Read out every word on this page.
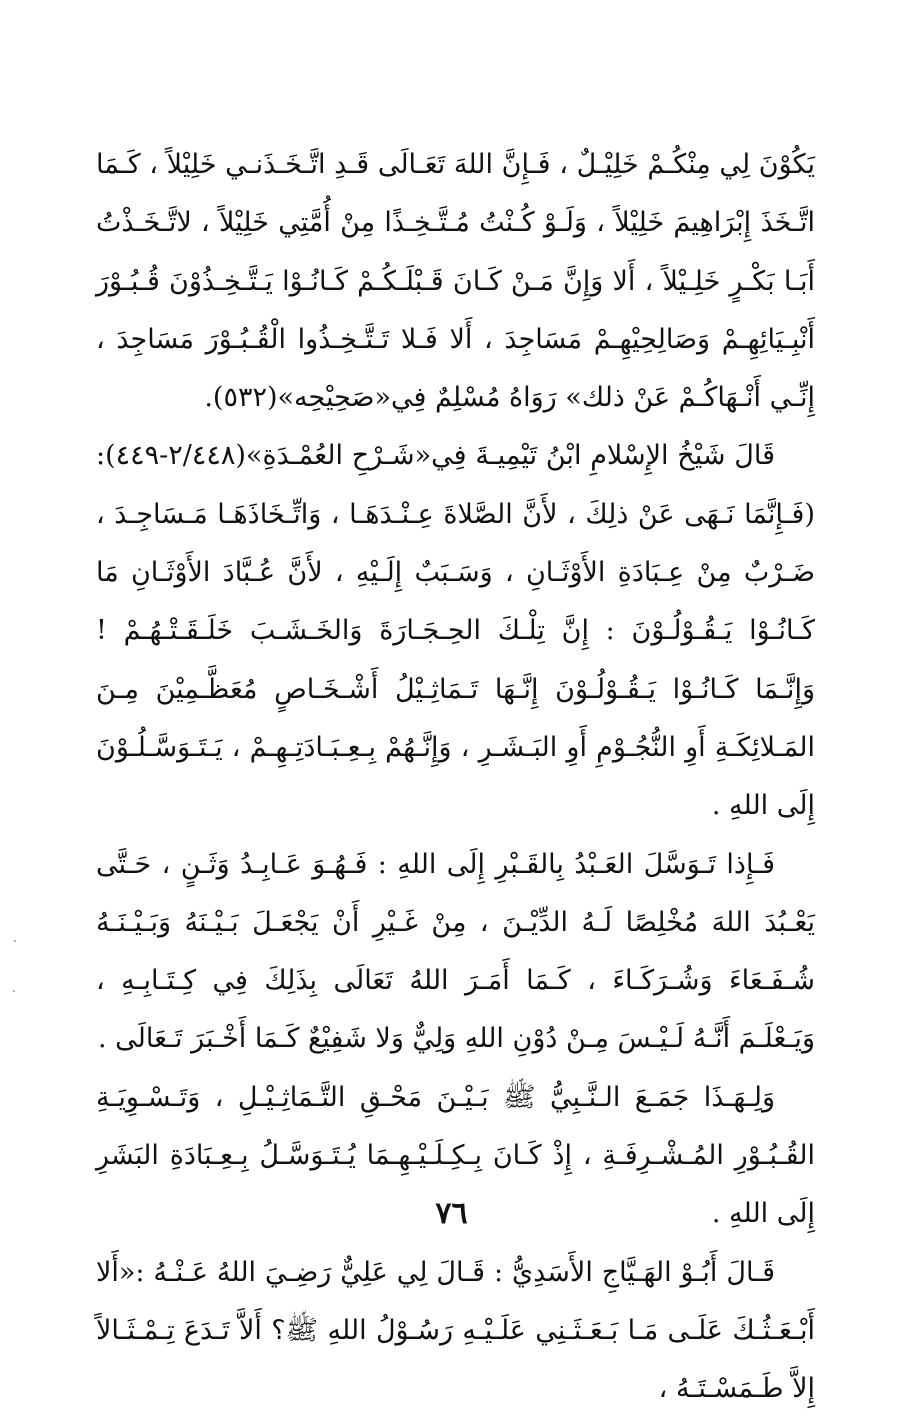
يَكُوْنَ لِي مِنْكُـمْ خَلِيْـلٌ ، فَـإِنَّ اللهَ تَعَـالَى قَـدِ اتَّـخَـذَنـي خَلِيْلاً ، كَـمَا اتَّـخَذَ إِبْرَاهِيمَ خَلِيْلاً ، وَلَـوْ كُـنْتُ مُـتَّـخِـذًا مِنْ أُمَّتِي خَلِيْلاً ، لاتَّـخَـذْتُ أَبَـا بَكْـرٍ خَلِـيْلاً ، أَلا وَإِنَّ مَـنْ كَـانَ قَـبْلَـكُـمْ كَـانُـوْا يَـتَّـخِـذُوْنَ قُـبُـوْرَ أَنْبِـيَائِهِـمْ وَصَالِحِيْهِـمْ مَسَاجِدَ ، أَلا فَـلا تَـتَّـخِـذُوا الْقُـبُـوْرَ مَسَاجِدَ ، إِنِّـي أَنْـهَاكُـمْ عَنْ ذلك» رَوَاهُ مُسْلِمٌ فِي«صَحِيْحِه»(٥٣٢).

قَالَ شَيْخُ الإِسْلامِ ابْنُ تَيْمِيـةَ فِي«شَـرْحِ العُمْـدَةِ»(٢/٤٤٨-٤٤٩): (فَـإِنَّمَا نَـهَى عَنْ ذلِكَ ، لأَنَّ الصَّلاةَ عِـنْـدَهَـا ، وَاتِّـخَاذَهَـا مَـسَاجِـدَ ، ضَـرْبٌ مِنْ عِـبَادَةِ الأَوْثَـانِ ، وَسَـبَبٌ إِلَـيْهِ ، لأَنَّ عُـبَّادَ الأَوْثَـانِ مَا كَـانُـوْا يَـقُـوْلُـوْنَ : إِنَّ تِلْـكَ الحِـجَـارَةَ وَالخَـشَـبَ خَلَـقَـتْـهُـمْ ! وَإِنَّـمَا كَـانُـوْا يَـقُـوْلُـوْنَ إِنَّـهَا تَـمَاثِـيْلُ أَشْـخَـاصٍ مُعَظَّـمِيْنَ مِـنَ المَـلائِكَـةِ أَوِ النُّجُـوْمِ أَوِ البَـشَـرِ ، وَإِنَّـهُمْ بِـعِـبَـادَتِـهِـمْ ، يَـتَـوَسَّـلُـوْنَ إِلَى اللهِ .

فَـإِذا تَـوَسَّلَ العَـبْدُ بِالقَـبْرِ إِلَى اللهِ : فَـهُـوَ عَـابِـدُ وَثَـنٍ ، حَـتَّى يَعْـبُدَ اللهَ مُخْلِصًا لَـهُ الدِّيْـنَ ، مِنْ غَـيْرِ أَنْ يَجْعَـلَ بَـيْـنَهُ وَبَـيْـنَـهُ شُـفَـعَاءَ وَشُـرَكَـاءَ ، كَـمَا أَمَـرَ اللهُ تَعَالَى بِذَلِكَ فِي كِـتَـابِـهِ ، وَيَـعْلَـمَ أَنَّـهُ لَـيْـسَ مِـنْ دُوْنِ اللهِ وَلِيٌّ وَلا شَفِيْعٌ كَـمَا أَخْـبَرَ تَـعَالَى .

وَلِـهَـذَا جَمَـعَ الـنَّـبِيُّ ﷺ بَـيْـنَ مَحْـقِ التَّـمَاثِـيْـلِ ، وَتَـسْـوِيَـةِ القُـبُـوْرِ المُـشْـرِفَـةِ ، إِذْ كَـانَ بِـكِـلَـيْـهِـمَا يُـتَـوَسَّـلُ بِـعِـبَادَةِ البَشَرِ إِلَى اللهِ .

قَـالَ أَبُـوْ الهَـيَّاجِ الأَسَدِيُّ : قَـالَ لِي عَلِيٌّ رَضِـيَ اللهُ عَـنْـهُ :«أَلا أَبْـعَـثُـكَ عَلَـى مَـا بَـعَـثَـنِي عَلَـيْـهِ رَسُـوْلُ اللهِ ﷺ؟ أَلاَّ تَـدَعَ تِـمْـثَـالاً إِلاَّ طَـمَسْـتَـهُ ،

٧٦
